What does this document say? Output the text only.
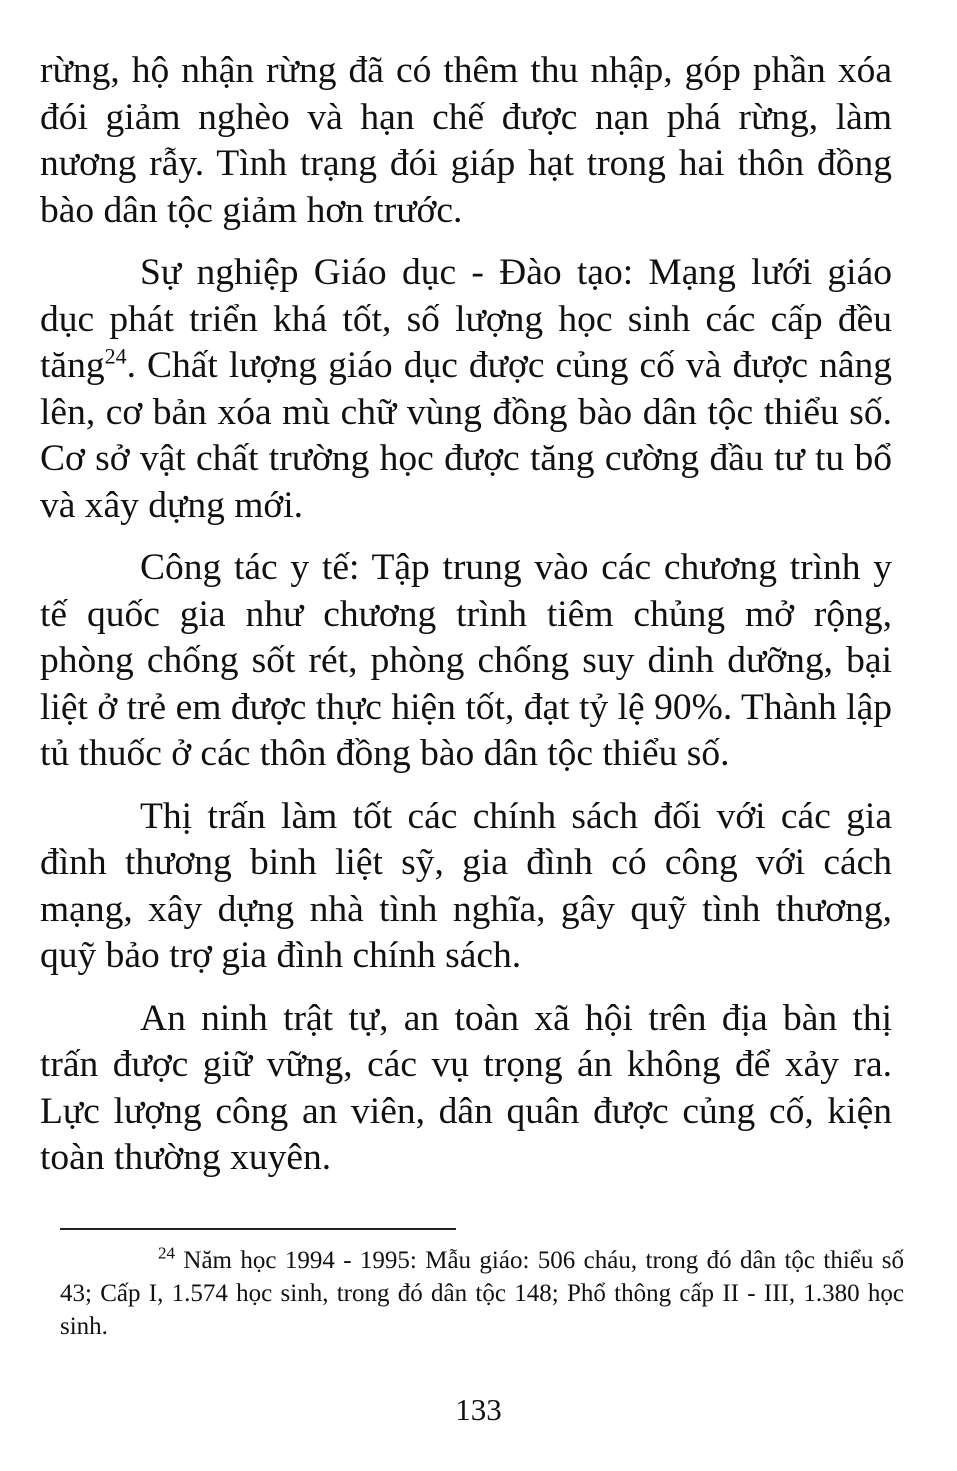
rừng, hộ nhận rừng đã có thêm thu nhập, góp phần xóa đói giảm nghèo và hạn chế được nạn phá rừng, làm nương rẫy. Tình trạng đói giáp hạt trong hai thôn đồng bào dân tộc giảm hơn trước.

Sự nghiệp Giáo dục - Đào tạo: Mạng lưới giáo dục phát triển khá tốt, số lượng học sinh các cấp đều tăng$^{24}$. Chất lượng giáo dục được củng cố và được nâng lên, cơ bản xóa mù chữ vùng đồng bào dân tộc thiểu số. Cơ sở vật chất trường học được tăng cường đầu tư tu bổ và xây dựng mới.

Công tác y tế: Tập trung vào các chương trình y tế quốc gia như chương trình tiêm chủng mở rộng, phòng chống sốt rét, phòng chống suy dinh dưỡng, bại liệt ở trẻ em được thực hiện tốt, đạt tỷ lệ 90%. Thành lập tủ thuốc ở các thôn đồng bào dân tộc thiểu số.

Thị trấn làm tốt các chính sách đối với các gia đình thương binh liệt sỹ, gia đình có công với cách mạng, xây dựng nhà tình nghĩa, gây quỹ tình thương, quỹ bảo trợ gia đình chính sách.

An ninh trật tự, an toàn xã hội trên địa bàn thị trấn được giữ vững, các vụ trọng án không để xảy ra. Lực lượng công an viên, dân quân được củng cố, kiện toàn thường xuyên.

$^{24}$ Năm học 1994 - 1995: Mẫu giáo: 506 cháu, trong đó dân tộc thiểu số 43; Cấp I, 1.574 học sinh, trong đó dân tộc 148; Phổ thông cấp II - III, 1.380 học sinh.
133
